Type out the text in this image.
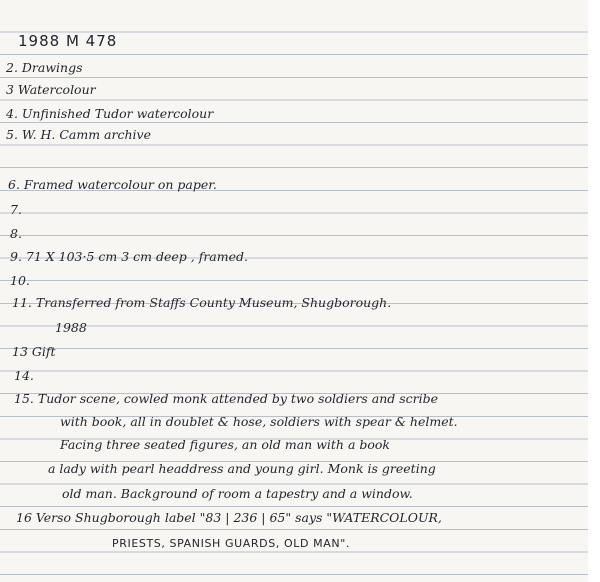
1988 M 478
2. Drawings
3 Watercolour
4. Unfinished Tudor watercolour
5. W. H. Camm archive
6. Framed watercolour on paper.
7.
8.
9. 71 X 103·5 cm 3 cm deep , framed.
10.
11. Transferred from Staffs County Museum, Shugborough.
1988
13 Gift
14.
15. Tudor scene, cowled monk attended by two soldiers and scribe
with book, all in doublet & hose, soldiers with spear & helmet.
Facing three seated figures, an old man with a book
a lady with pearl headdress and young girl. Monk is greeting
old man. Background of room a tapestry and a window.
16 Verso Shugborough label "83 | 236 | 65" says "WATERCOLOUR,
PRIESTS, SPANISH GUARDS, OLD MAN".
